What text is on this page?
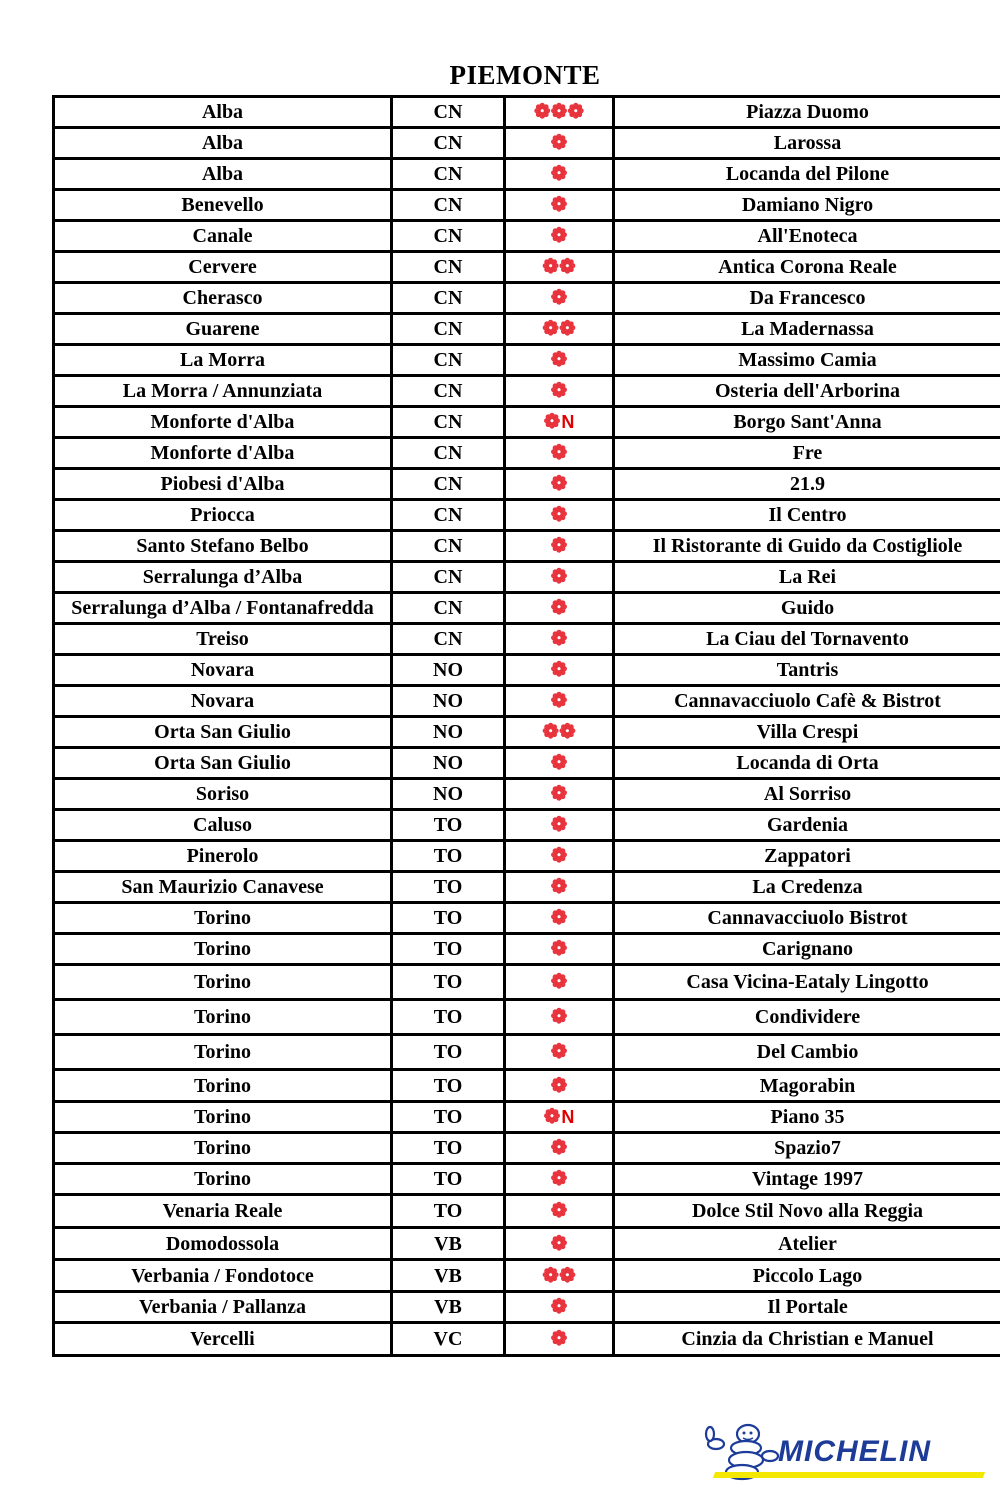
PIEMONTE
Alba	CN	❁❁❁	Piazza Duomo
Alba	CN	❁	Larossa
Alba	CN	❁	Locanda del Pilone
Benevello	CN	❁	Damiano Nigro
Canale	CN	❁	All'Enoteca
Cervere	CN	❁❁	Antica Corona Reale
Cherasco	CN	❁	Da Francesco
Guarene	CN	❁❁	La Madernassa
La Morra	CN	❁	Massimo Camia
La Morra / Annunziata	CN	❁	Osteria dell'Arborina
Monforte d'Alba	CN	❁N	Borgo Sant'Anna
Monforte d'Alba	CN	❁	Fre
Piobesi d'Alba	CN	❁	21.9
Priocca	CN	❁	Il Centro
Santo Stefano Belbo	CN	❁	Il Ristorante di Guido da Costigliole
Serralunga d’Alba	CN	❁	La Rei
Serralunga d’Alba / Fontanafredda	CN	❁	Guido
Treiso	CN	❁	La Ciau del Tornavento
Novara	NO	❁	Tantris
Novara	NO	❁	Cannavacciuolo Cafè & Bistrot
Orta San Giulio	NO	❁❁	Villa Crespi
Orta San Giulio	NO	❁	Locanda di Orta
Soriso	NO	❁	Al Sorriso
Caluso	TO	❁	Gardenia
Pinerolo	TO	❁	Zappatori
San Maurizio Canavese	TO	❁	La Credenza
Torino	TO	❁	Cannavacciuolo Bistrot
Torino	TO	❁	Carignano
Torino	TO	❁	Casa Vicina-Eataly Lingotto
Torino	TO	❁	Condividere
Torino	TO	❁	Del Cambio
Torino	TO	❁	Magorabin
Torino	TO	❁N	Piano 35
Torino	TO	❁	Spazio7
Torino	TO	❁	Vintage 1997
Venaria Reale	TO	❁	Dolce Stil Novo alla Reggia
Domodossola	VB	❁	Atelier
Verbania / Fondotoce	VB	❁❁	Piccolo Lago
Verbania / Pallanza	VB	❁	Il Portale
Vercelli	VC	❁	Cinzia da Christian e Manuel
MICHELIN
